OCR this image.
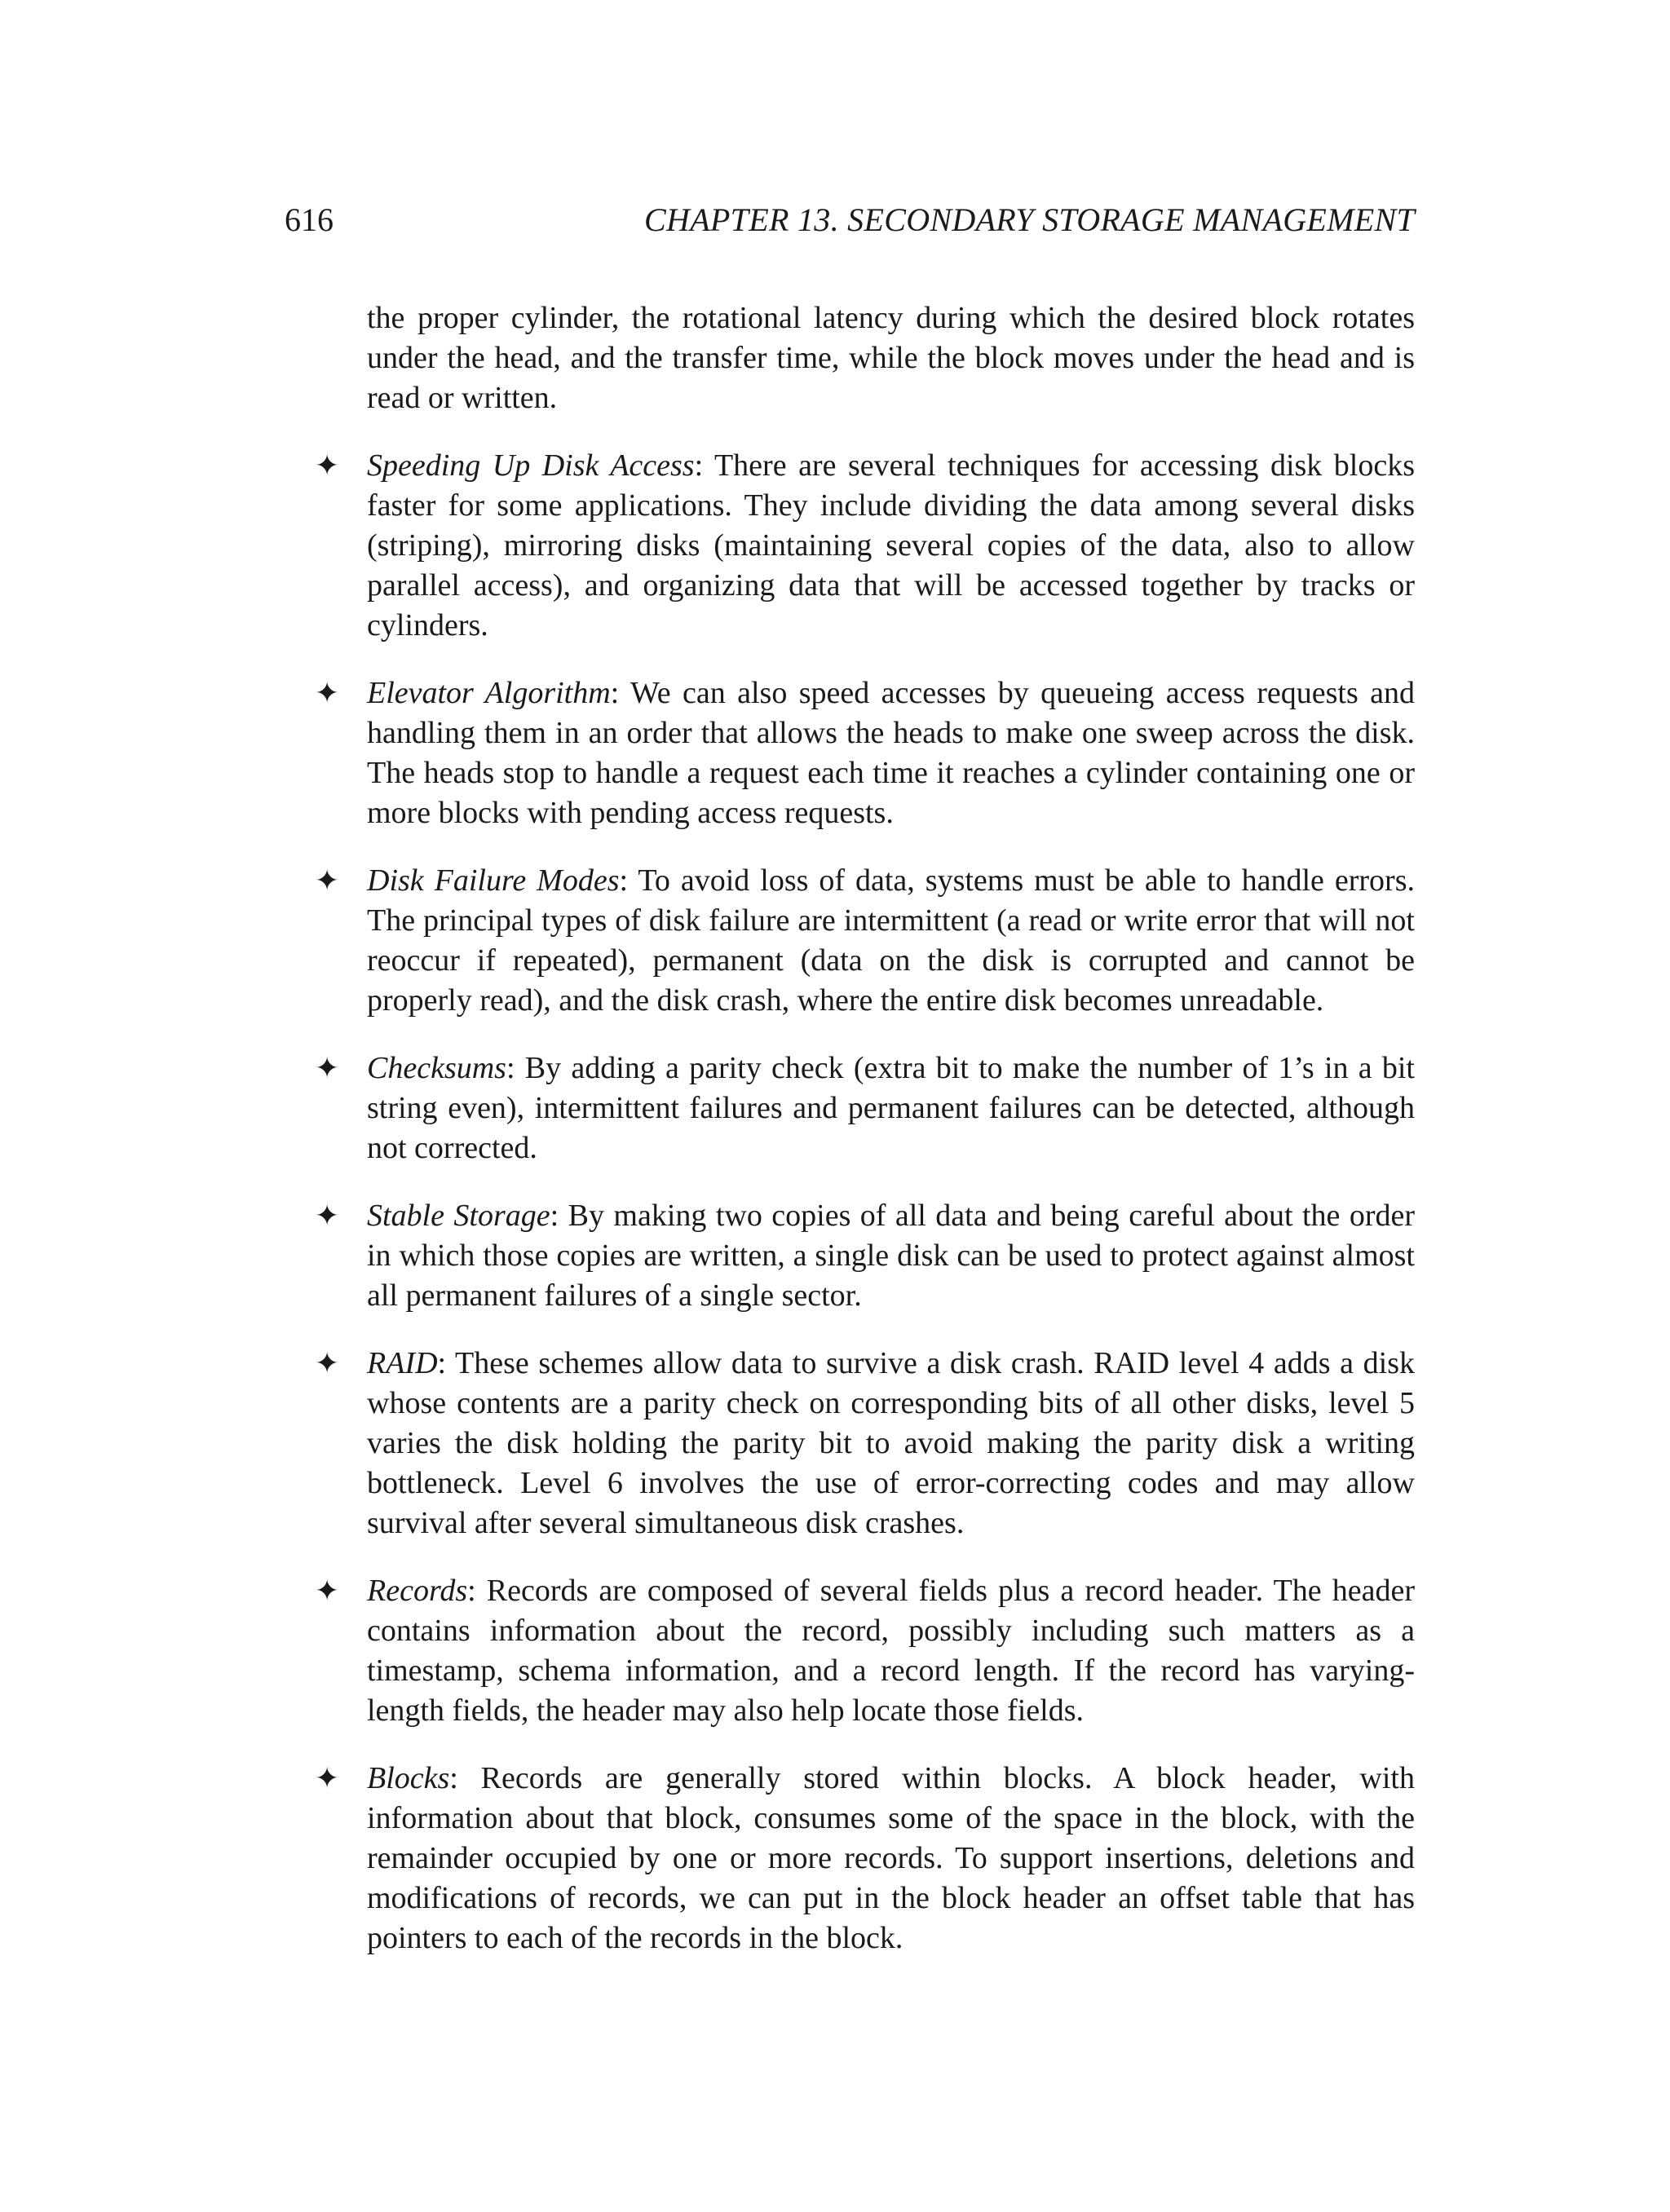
616	CHAPTER 13. SECONDARY STORAGE MANAGEMENT

the proper cylinder, the rotational latency during which the desired block rotates under the head, and the transfer time, while the block moves under the head and is read or written.

✦ Speeding Up Disk Access: There are several techniques for accessing disk blocks faster for some applications. They include dividing the data among several disks (striping), mirroring disks (maintaining several copies of the data, also to allow parallel access), and organizing data that will be accessed together by tracks or cylinders.
✦ Elevator Algorithm: We can also speed accesses by queueing access requests and handling them in an order that allows the heads to make one sweep across the disk. The heads stop to handle a request each time it reaches a cylinder containing one or more blocks with pending access requests.
✦ Disk Failure Modes: To avoid loss of data, systems must be able to handle errors. The principal types of disk failure are intermittent (a read or write error that will not reoccur if repeated), permanent (data on the disk is corrupted and cannot be properly read), and the disk crash, where the entire disk becomes unreadable.
✦ Checksums: By adding a parity check (extra bit to make the number of 1’s in a bit string even), intermittent failures and permanent failures can be detected, although not corrected.
✦ Stable Storage: By making two copies of all data and being careful about the order in which those copies are written, a single disk can be used to protect against almost all permanent failures of a single sector.
✦ RAID: These schemes allow data to survive a disk crash. RAID level 4 adds a disk whose contents are a parity check on corresponding bits of all other disks, level 5 varies the disk holding the parity bit to avoid making the parity disk a writing bottleneck. Level 6 involves the use of error-correcting codes and may allow survival after several simultaneous disk crashes.
✦ Records: Records are composed of several fields plus a record header. The header contains information about the record, possibly including such matters as a timestamp, schema information, and a record length. If the record has varying-length fields, the header may also help locate those fields.
✦ Blocks: Records are generally stored within blocks. A block header, with information about that block, consumes some of the space in the block, with the remainder occupied by one or more records. To support insertions, deletions and modifications of records, we can put in the block header an offset table that has pointers to each of the records in the block.
